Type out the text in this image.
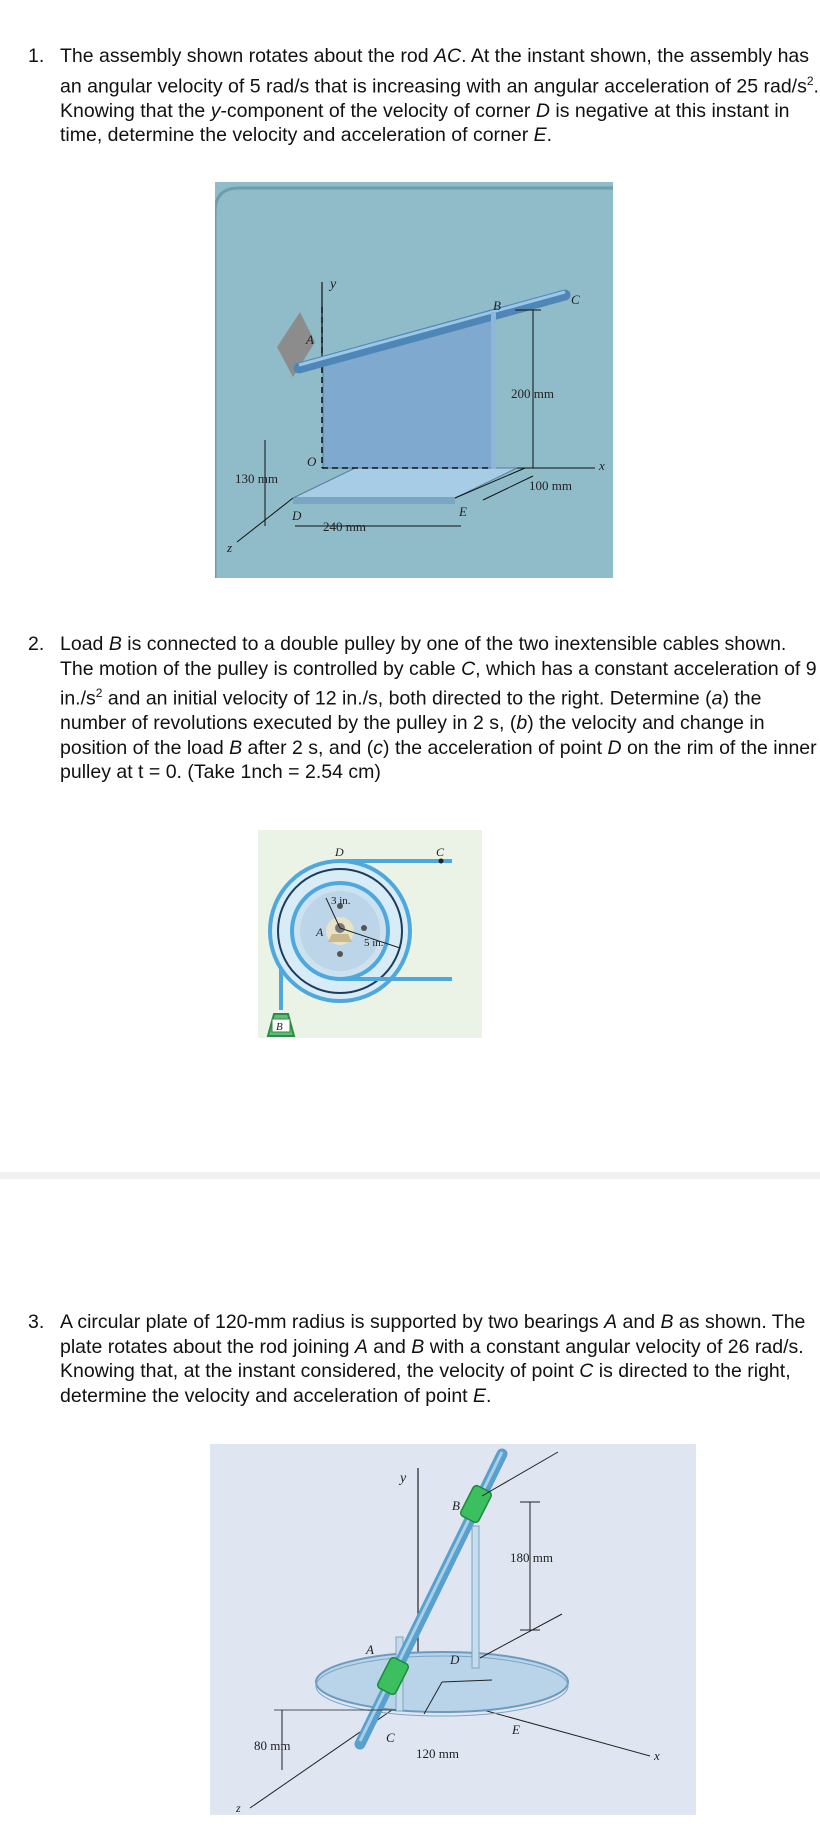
1. The assembly shown rotates about the rod AC. At the instant shown, the assembly has an angular velocity of 5 rad/s that is increasing with an angular acceleration of 25 rad/$s^2$. Knowing that the y-component of the velocity of corner D is negative at this instant in time, determine the velocity and acceleration of corner E.
y
A
B	C
O
D	E
x
z
200 mm
130 mm	100 mm
240 mm
2. Load B is connected to a double pulley by one of the two inextensible cables shown. The motion of the pulley is controlled by cable C, which has a constant acceleration of 9 $in./s^2$ and an initial velocity of 12 in./s, both directed to the right. Determine (a) the number of revolutions executed by the pulley in 2 s, (b) the velocity and change in position of the load B after 2 s, and (c) the acceleration of point D on the rim of the inner pulley at t = 0. (Take 1nch = 2.54 cm)
D	C
A
B
3 in.
5 in.
3. A circular plate of 120-mm radius is supported by two bearings A and B as shown. The plate rotates about the rod joining A and B with a constant angular velocity of 26 rad/s. Knowing that, at the instant considered, the velocity of point C is directed to the right, determine the velocity and acceleration of point E.
y
B
A
D
C
E
x
z
180 mm
80 mm
120 mm
